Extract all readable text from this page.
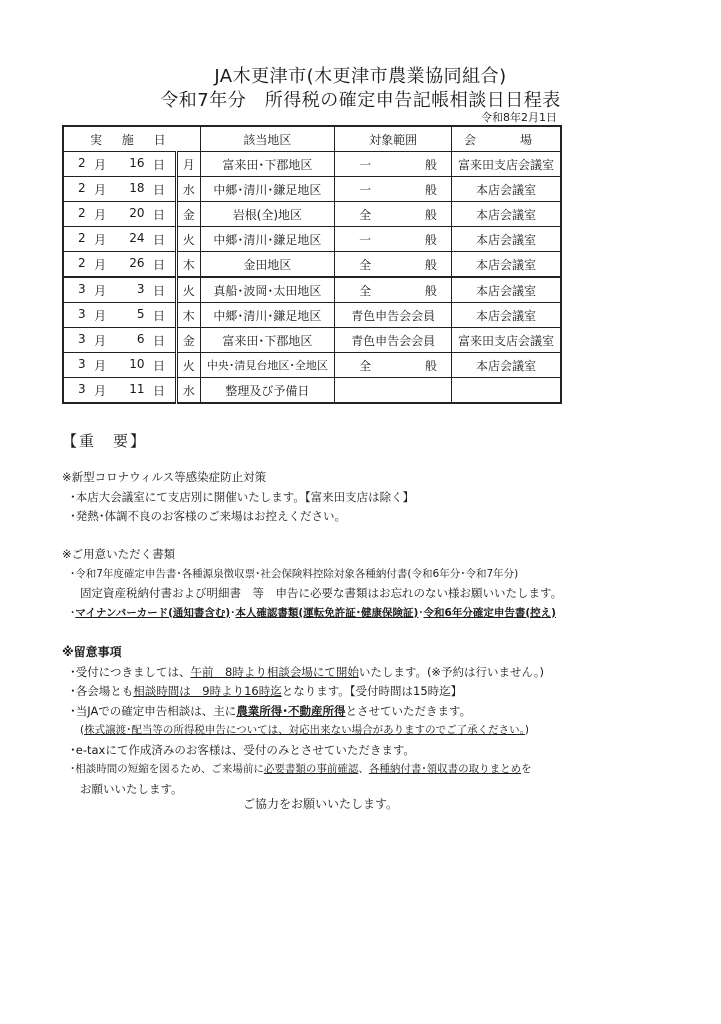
JA木更津市(木更津市農業協同組合)
令和7年分　所得税の確定申告記帳相談日日程表
令和8年2月1日
実 施 日		該当地区	対象範囲	会　場

2 月 16 日	月	富来田･下郡地区	一 般	富来田支店会議室

2 月 18 日	水	中郷･清川･鎌足地区	一 般	本店会議室

2 月 20 日	金	岩根(全)地区	全 般	本店会議室

2 月 24 日	火	中郷･清川･鎌足地区	一 般	本店会議室

2 月 26 日	木	金田地区	全 般	本店会議室

3 月 3 日	火	真船･波岡･太田地区	全 般	本店会議室

3 月 5 日	木	中郷･清川･鎌足地区	青色申告会会員	本店会議室

3 月 6 日	金	富来田･下郡地区	青色申告会会員	富来田支店会議室

3 月 10 日	火	中央･清見台地区･全地区	全 般	本店会議室

3 月 11 日	水	整理及び予備日	

【重　要】
※新型コロナウィルス等感染症防止対策
･本店大会議室にて支店別に開催いたします。【富来田支店は除く】
･発熱･体調不良のお客様のご来場はお控えください。
※ご用意いただく書類
･令和7年度確定申告書･各種源泉徴収票･社会保険料控除対象各種納付書(令和6年分･令和7年分)
固定資産税納付書および明細書　等　申告に必要な書類はお忘れのない様お願いいたします。
･マイナンバーカード(通知書含む)･本人確認書類(運転免許証･健康保険証)･令和6年分確定申告書(控え)
※留意事項
･受付につきましては、午前　8時より相談会場にて開始いたします。(※予約は行いません。)
･各会場とも相談時間は　9時より16時迄となります。【受付時間は15時迄】
･当JAでの確定申告相談は、主に農業所得･不動産所得とさせていただきます。
(株式譲渡･配当等の所得税申告については、対応出来ない場合がありますのでご了承ください。)
･e-taxにて作成済みのお客様は、受付のみとさせていただきます。
･相談時間の短縮を図るため、ご来場前に必要書類の事前確認、各種納付書･領収書の取りまとめを
お願いいたします。
ご協力をお願いいたします。
